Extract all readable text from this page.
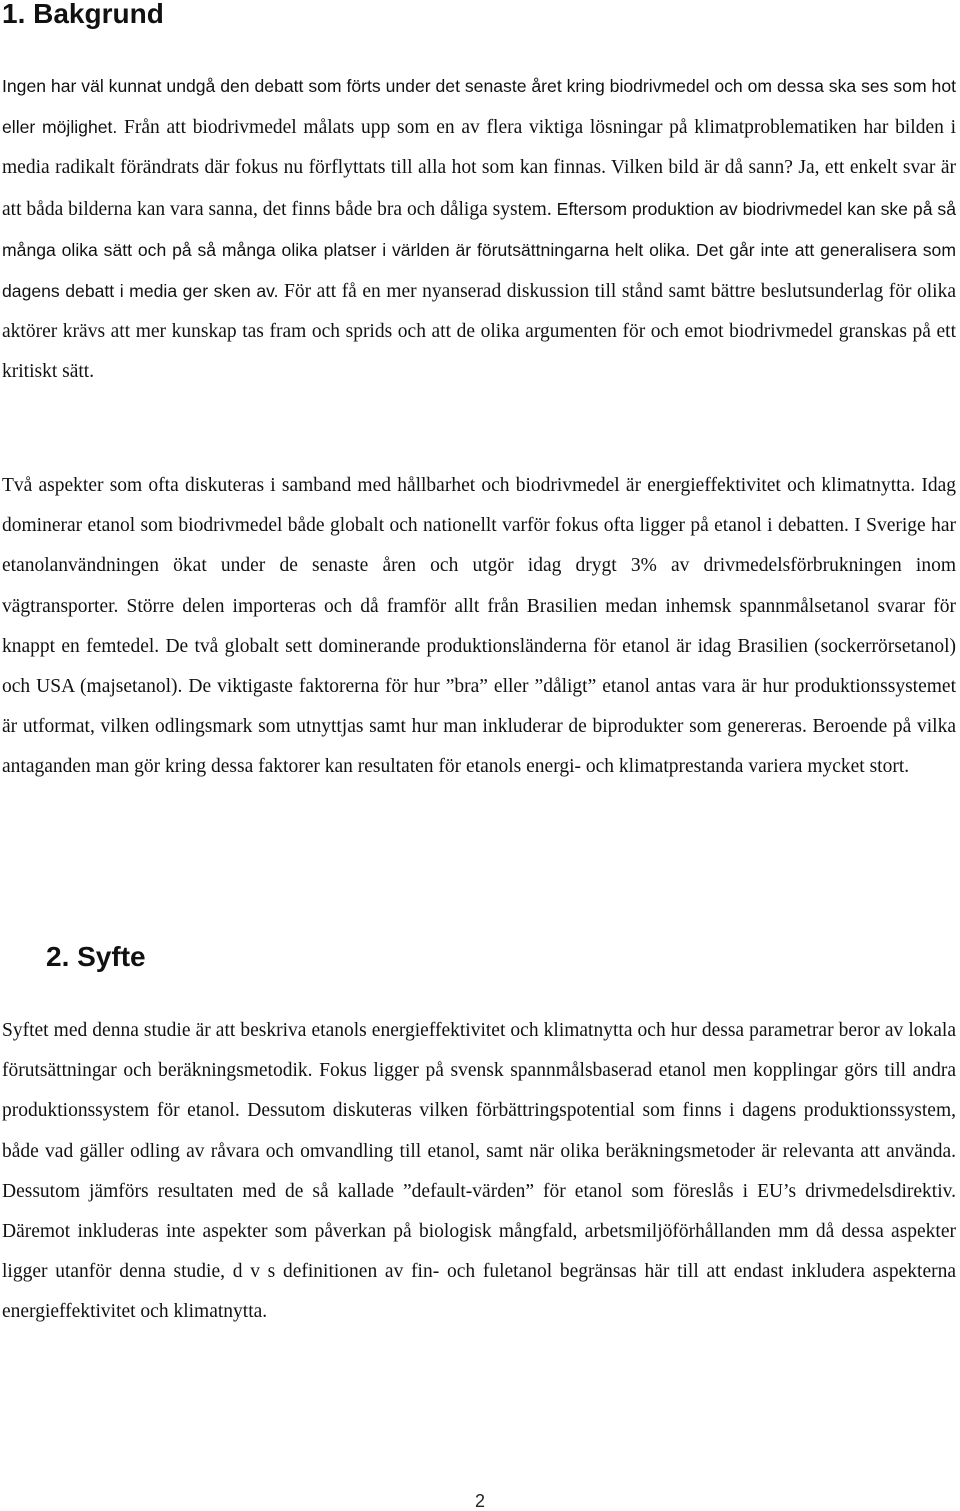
1. Bakgrund

Ingen har väl kunnat undgå den debatt som förts under det senaste året kring biodrivmedel och om dessa ska ses som hot eller möjlighet. Från att biodrivmedel målats upp som en av flera viktiga lösningar på klimatproblematiken har bilden i media radikalt förändrats där fokus nu förflyttats till alla hot som kan finnas. Vilken bild är då sann? Ja, ett enkelt svar är att båda bilderna kan vara sanna, det finns både bra och dåliga system. Eftersom produktion av biodrivmedel kan ske på så många olika sätt och på så många olika platser i världen är förutsättningarna helt olika. Det går inte att generalisera som dagens debatt i media ger sken av. För att få en mer nyanserad diskussion till stånd samt bättre beslutsunderlag för olika aktörer krävs att mer kunskap tas fram och sprids och att de olika argumenten för och emot biodrivmedel granskas på ett kritiskt sätt.

Två aspekter som ofta diskuteras i samband med hållbarhet och biodrivmedel är energieffektivitet och klimatnytta. Idag dominerar etanol som biodrivmedel både globalt och nationellt varför fokus ofta ligger på etanol i debatten. I Sverige har etanolanvändningen ökat under de senaste åren och utgör idag drygt 3% av drivmedelsförbrukningen inom vägtransporter. Större delen importeras och då framför allt från Brasilien medan inhemsk spannmålsetanol svarar för knappt en femtedel. De två globalt sett dominerande produktionsländerna för etanol är idag Brasilien (sockerrörsetanol) och USA (majsetanol). De viktigaste faktorerna för hur ”bra” eller ”dåligt” etanol antas vara är hur produktionssystemet är utformat, vilken odlingsmark som utnyttjas samt hur man inkluderar de biprodukter som genereras. Beroende på vilka antaganden man gör kring dessa faktorer kan resultaten för etanols energi- och klimatprestanda variera mycket stort.

2. Syfte

Syftet med denna studie är att beskriva etanols energieffektivitet och klimatnytta och hur dessa parametrar beror av lokala förutsättningar och beräkningsmetodik. Fokus ligger på svensk spannmålsbaserad etanol men kopplingar görs till andra produktionssystem för etanol. Dessutom diskuteras vilken förbättringspotential som finns i dagens produktionssystem, både vad gäller odling av råvara och omvandling till etanol, samt när olika beräkningsmetoder är relevanta att använda. Dessutom jämförs resultaten med de så kallade ”default-värden” för etanol som föreslås i EU’s drivmedelsdirektiv. Däremot inkluderas inte aspekter som påverkan på biologisk mångfald, arbetsmiljöförhållanden mm då dessa aspekter ligger utanför denna studie, d v s definitionen av fin- och fuletanol begränsas här till att endast inkludera aspekterna energieffektivitet och klimatnytta.

2
